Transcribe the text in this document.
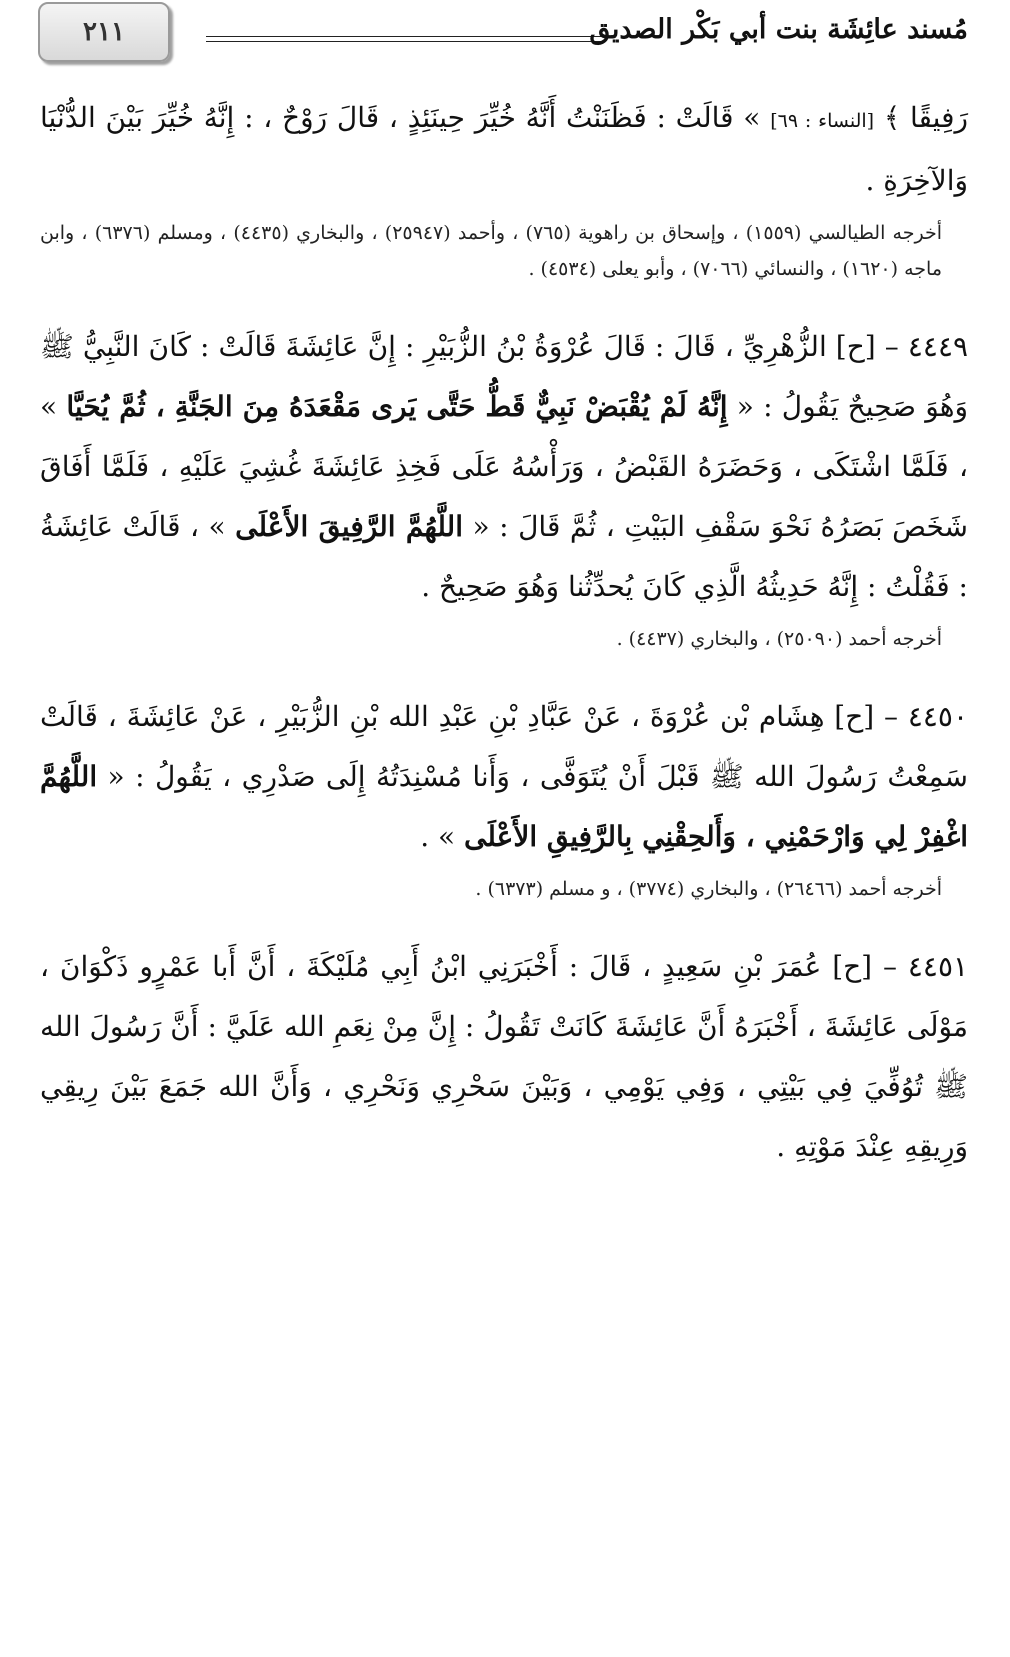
٢١١	مُسند عائِشَة بنت أبي بَكْر الصديق
رَفِيقًا ﴾ [النساء : ٦٩] » قَالَتْ : فَظَنَنْتُ أَنَّهُ خُيِّرَ حِينَئِذٍ ، قَالَ رَوْحٌ ، : إِنَّهُ خُيِّرَ بَيْنَ الدُّنْيَا وَالآخِرَةِ .
أخرجه الطيالسي (١٥٥٩) ، وإسحاق بن راهوية (٧٦٥) ، وأحمد (٢٥٩٤٧) ، والبخاري (٤٤٣٥) ، ومسلم (٦٣٧٦) ، وابن ماجه (١٦٢٠) ، والنسائي (٧٠٦٦) ، وأبو يعلى (٤٥٣٤) .
٤٤٤٩ – [ح] الزُّهْرِيِّ ، قَالَ : قَالَ عُرْوَةُ بْنُ الزُّبَيْرِ : إِنَّ عَائِشَةَ قَالَتْ : كَانَ النَّبِيُّ ﷺ وَهُوَ صَحِيحٌ يَقُولُ : « إِنَّهُ لَمْ يُقْبَضْ نَبِيٌّ قَطُّ حَتَّى يَرى مَقْعَدَهُ مِنَ الجَنَّةِ ، ثُمَّ يُحَيَّا » ، فَلَمَّا اشْتَكَى ، وَحَضَرَهُ القَبْضُ ، وَرَأْسُهُ عَلَى فَخِذِ عَائِشَةَ غُشِيَ عَلَيْهِ ، فَلَمَّا أَفَاقَ شَخَصَ بَصَرُهُ نَحْوَ سَقْفِ البَيْتِ ، ثُمَّ قَالَ : « اللَّهُمَّ الرَّفِيقَ الأَعْلَى » ، قَالَتْ عَائِشَةُ : فَقُلْتُ : إِنَّهُ حَدِيثُهُ الَّذِي كَانَ يُحدِّثُنا وَهُوَ صَحِيحٌ .
أخرجه أحمد (٢٥٠٩٠) ، والبخاري (٤٤٣٧) .
٤٤٥٠ – [ح] هِشَام بْن عُرْوَةَ ، عَنْ عَبَّادِ بْنِ عَبْدِ الله بْنِ الزُّبَيْرِ ، عَنْ عَائِشَةَ ، قَالَتْ سَمِعْتُ رَسُولَ الله ﷺ قَبْلَ أَنْ يُتَوَفَّى ، وَأَنا مُسْنِدَتُهُ إِلَى صَدْرِي ، يَقُولُ : « اللَّهُمَّ اغْفِرْ لِي وَارْحَمْنِي ، وَأَلحِقْنِي بِالرَّفِيقِ الأَعْلَى » .
أخرجه أحمد (٢٦٤٦٦) ، والبخاري (٣٧٧٤) ، و مسلم (٦٣٧٣) .
٤٤٥١ – [ح] عُمَرَ بْنِ سَعِيدٍ ، قَالَ : أَخْبَرَنِي ابْنُ أَبِي مُلَيْكَةَ ، أَنَّ أَبا عَمْرٍو ذَكْوَانَ ، مَوْلَى عَائِشَةَ ، أَخْبَرَهُ أَنَّ عَائِشَةَ كَانَتْ تَقُولُ : إِنَّ مِنْ نِعَمِ الله عَلَيَّ : أَنَّ رَسُولَ الله ﷺ تُوُفِّيَ فِي بَيْتِي ، وَفِي يَوْمِي ، وَبَيْنَ سَحْرِي وَنَحْرِي ، وَأَنَّ الله جَمَعَ بَيْنَ رِيقِي وَرِيقِهِ عِنْدَ مَوْتِهِ .
